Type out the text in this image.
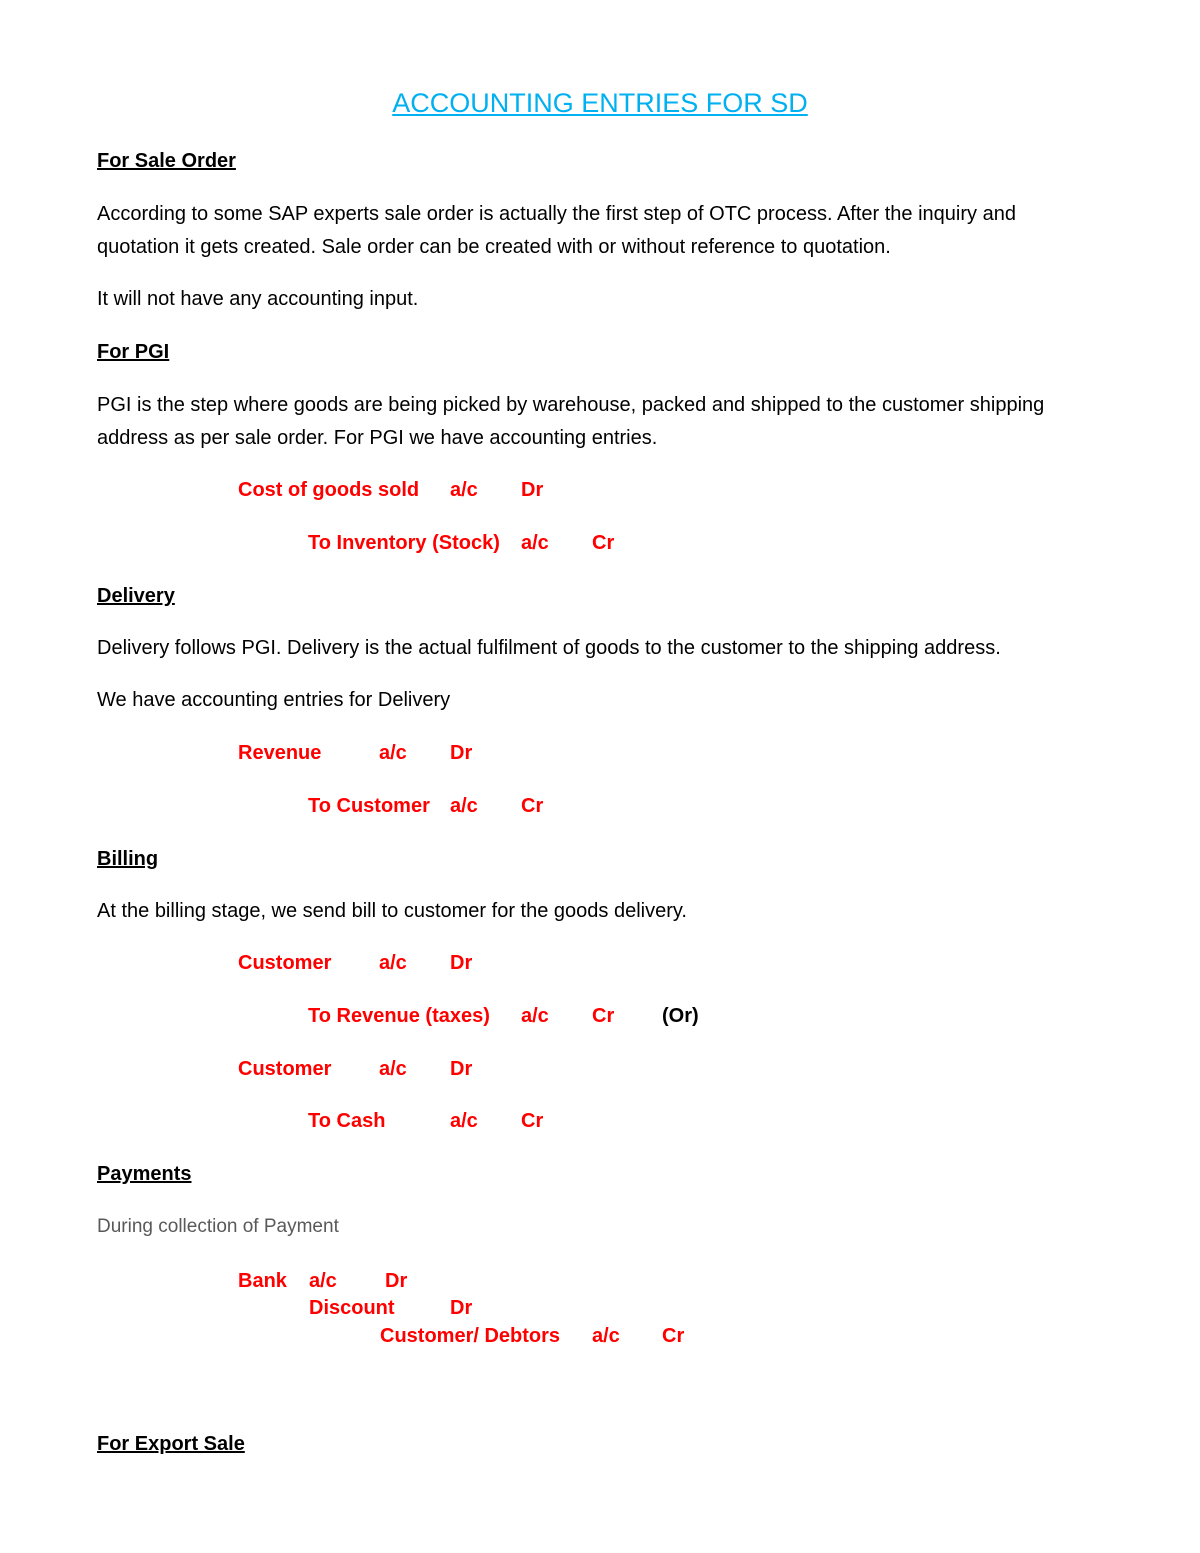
ACCOUNTING ENTRIES FOR SD
For Sale Order
According to some SAP experts sale order is actually the first step of OTC process. After the inquiry and
quotation it gets created. Sale order can be created with or without reference to quotation.
It will not have any accounting input.
For PGI
PGI is the step where goods are being picked by warehouse, packed and shipped to the customer shipping
address as per sale order. For PGI we have accounting entries.
Cost of goods sold a/c Dr
To Inventory (Stock) a/c Cr
Delivery
Delivery follows PGI. Delivery is the actual fulfilment of goods to the customer to the shipping address.
We have accounting entries for Delivery
Revenue	a/c Dr
To Customer a/c Cr
Billing
At the billing stage, we send bill to customer for the goods delivery.
Customer a/c Dr
To Revenue (taxes) a/c Cr (Or)
Customer a/c Dr
To Cash	a/c Cr
Payments
During collection of Payment
Bank a/c Dr
Discount	Dr
Customer/ Debtors a/c Cr
For Export Sale
